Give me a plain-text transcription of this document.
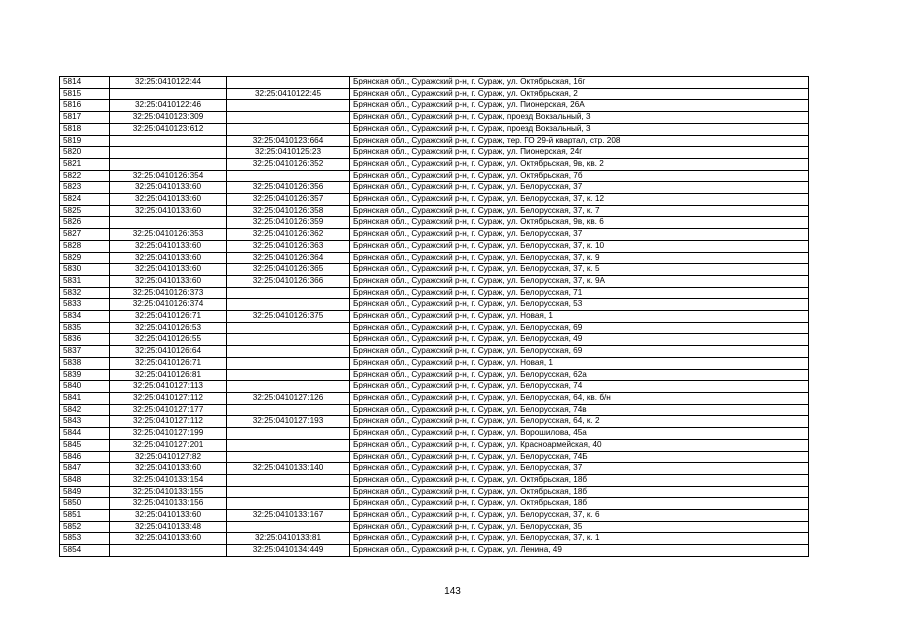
5814	32:25:0410122:44		Брянская обл., Суражский р-н, г. Сураж, ул. Октябрьская, 16г
5815		32:25:0410122:45	Брянская обл., Суражский р-н, г. Сураж, ул. Октябрьская, 2
5816	32:25:0410122:46		Брянская обл., Суражский р-н, г. Сураж, ул. Пионерская, 26А
5817	32:25:0410123:309		Брянская обл., Суражский р-н, г. Сураж, проезд Вокзальный, 3
5818	32:25:0410123:612		Брянская обл., Суражский р-н, г. Сураж, проезд Вокзальный, 3
5819		32:25:0410123:664	Брянская обл., Суражский р-н, г. Сураж, тер. ГО 29-й квартал, стр. 208
5820		32:25:0410125:23	Брянская обл., Суражский р-н, г. Сураж, ул. Пионерская, 24г
5821		32:25:0410126:352	Брянская обл., Суражский р-н, г. Сураж, ул. Октябрьская, 9в, кв. 2
5822	32:25:0410126:354		Брянская обл., Суражский р-н, г. Сураж, ул. Октябрьская, 7б
5823	32:25:0410133:60	32:25:0410126:356	Брянская обл., Суражский р-н, г. Сураж, ул. Белорусская, 37
5824	32:25:0410133:60	32:25:0410126:357	Брянская обл., Суражский р-н, г. Сураж, ул. Белорусская, 37, к. 12
5825	32:25:0410133:60	32:25:0410126:358	Брянская обл., Суражский р-н, г. Сураж, ул. Белорусская, 37, к. 7
5826		32:25:0410126:359	Брянская обл., Суражский р-н, г. Сураж, ул. Октябрьская, 9в, кв. 6
5827	32:25:0410126:353	32:25:0410126:362	Брянская обл., Суражский р-н, г. Сураж, ул. Белорусская, 37
5828	32:25:0410133:60	32:25:0410126:363	Брянская обл., Суражский р-н, г. Сураж, ул. Белорусская, 37, к. 10
5829	32:25:0410133:60	32:25:0410126:364	Брянская обл., Суражский р-н, г. Сураж, ул. Белорусская, 37, к. 9
5830	32:25:0410133:60	32:25:0410126:365	Брянская обл., Суражский р-н, г. Сураж, ул. Белорусская, 37, к. 5
5831	32:25:0410133:60	32:25:0410126:366	Брянская обл., Суражский р-н, г. Сураж, ул. Белорусская, 37, к. 9А
5832	32:25:0410126:373		Брянская обл., Суражский р-н, г. Сураж, ул. Белорусская, 71
5833	32:25:0410126:374		Брянская обл., Суражский р-н, г. Сураж, ул. Белорусская, 53
5834	32:25:0410126:71	32:25:0410126:375	Брянская обл., Суражский р-н, г. Сураж, ул. Новая, 1
5835	32:25:0410126:53		Брянская обл., Суражский р-н, г. Сураж, ул. Белорусская, 69
5836	32:25:0410126:55		Брянская обл., Суражский р-н, г. Сураж, ул. Белорусская, 49
5837	32:25:0410126:64		Брянская обл., Суражский р-н, г. Сураж, ул. Белорусская, 69
5838	32:25:0410126:71		Брянская обл., Суражский р-н, г. Сураж, ул. Новая, 1
5839	32:25:0410126:81		Брянская обл., Суражский р-н, г. Сураж, ул. Белорусская, 62а
5840	32:25:0410127:113		Брянская обл., Суражский р-н, г. Сураж, ул. Белорусская, 74
5841	32:25:0410127:112	32:25:0410127:126	Брянская обл., Суражский р-н, г. Сураж, ул. Белорусская, 64, кв. б/н
5842	32:25:0410127:177		Брянская обл., Суражский р-н, г. Сураж, ул. Белорусская, 74в
5843	32:25:0410127:112	32:25:0410127:193	Брянская обл., Суражский р-н, г. Сураж, ул. Белорусская, 64, к. 2
5844	32:25:0410127:199		Брянская обл., Суражский р-н, г. Сураж, ул. Ворошилова, 45а
5845	32:25:0410127:201		Брянская обл., Суражский р-н, г. Сураж, ул. Красноармейская, 40
5846	32:25:0410127:82		Брянская обл., Суражский р-н, г. Сураж, ул. Белорусская, 74Б
5847	32:25:0410133:60	32:25:0410133:140	Брянская обл., Суражский р-н, г. Сураж, ул. Белорусская, 37
5848	32:25:0410133:154		Брянская обл., Суражский р-н, г. Сураж, ул. Октябрьская, 18б
5849	32:25:0410133:155		Брянская обл., Суражский р-н, г. Сураж, ул. Октябрьская, 18б
5850	32:25:0410133:156		Брянская обл., Суражский р-н, г. Сураж, ул. Октябрьская, 18б
5851	32:25:0410133:60	32:25:0410133:167	Брянская обл., Суражский р-н, г. Сураж, ул. Белорусская, 37, к. 6
5852	32:25:0410133:48		Брянская обл., Суражский р-н, г. Сураж, ул. Белорусская, 35
5853	32:25:0410133:60	32:25:0410133:81	Брянская обл., Суражский р-н, г. Сураж, ул. Белорусская, 37, к. 1
5854		32:25:0410134:449	Брянская обл., Суражский р-н, г. Сураж, ул. Ленина, 49
143
